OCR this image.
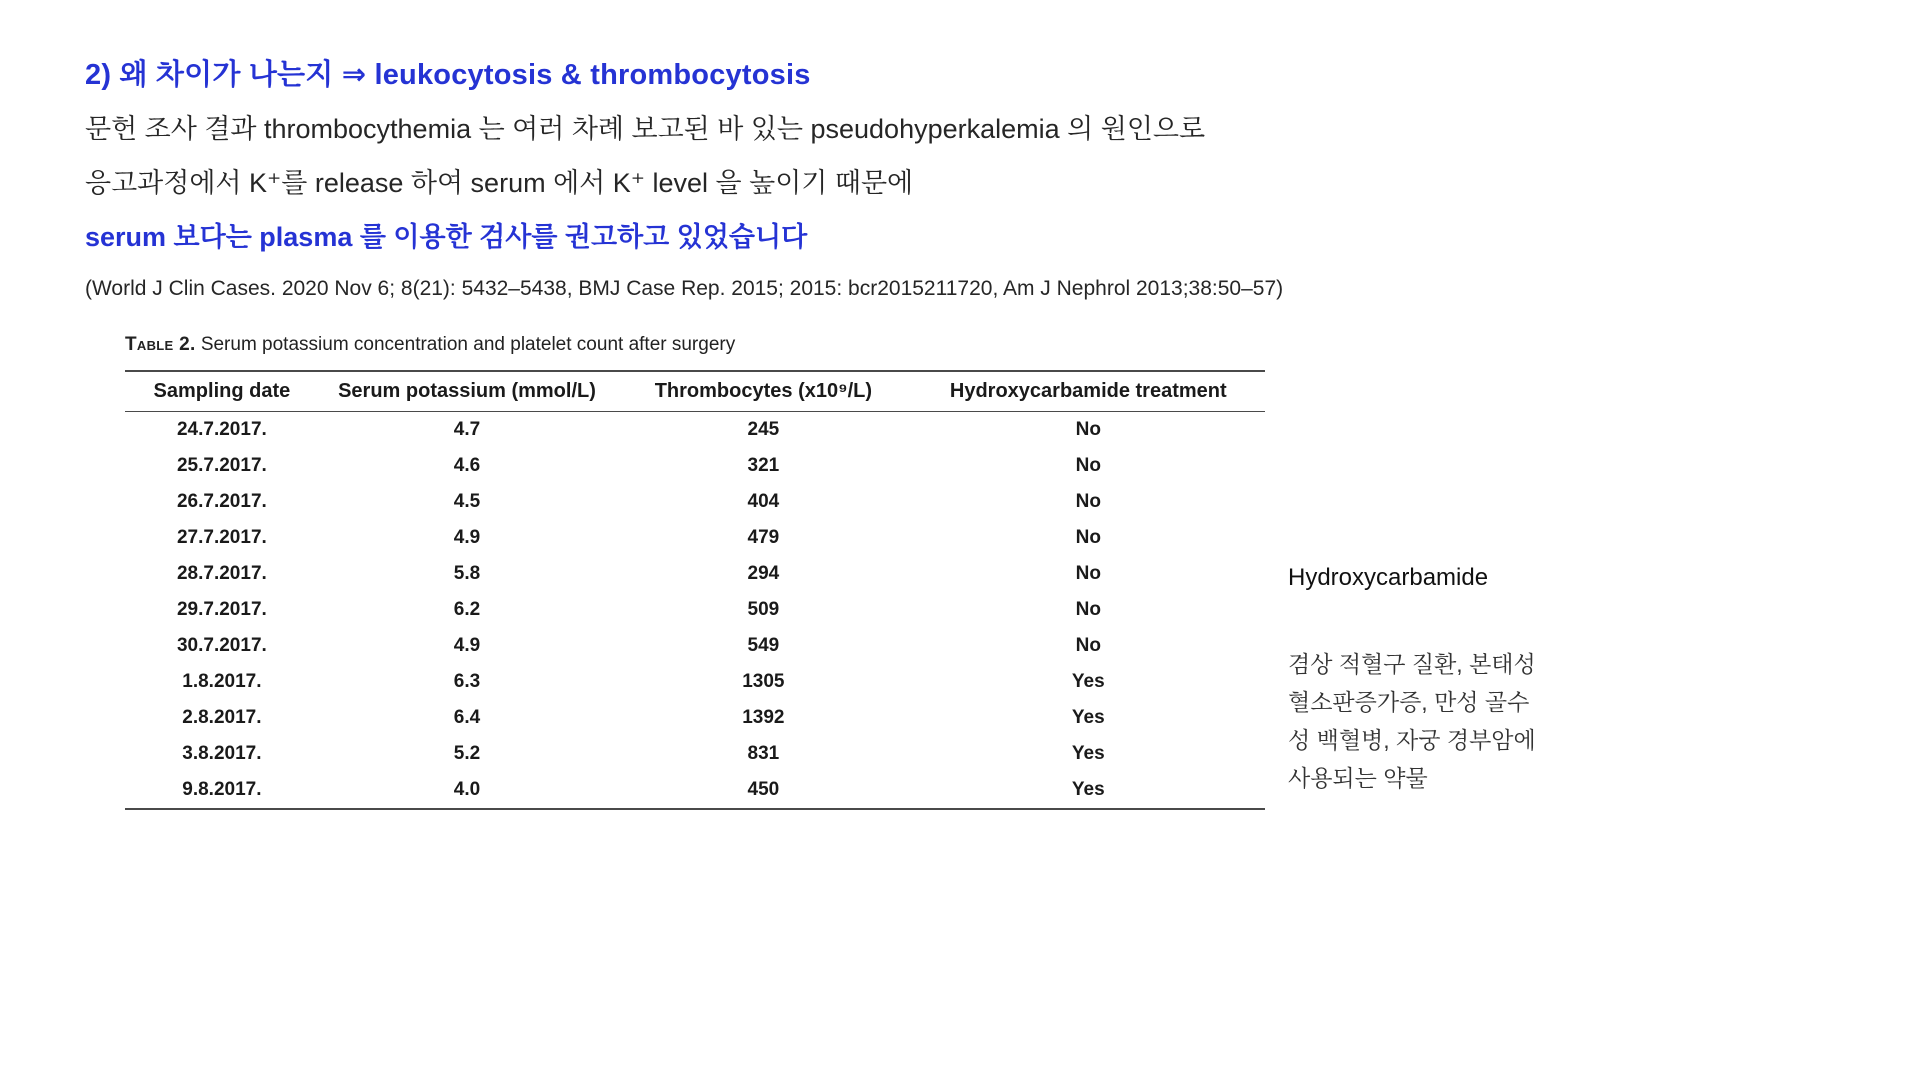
2) 왜 차이가 나는지 ⇒ leukocytosis & thrombocytosis
문헌 조사 결과 thrombocythemia 는 여러 차례 보고된 바 있는 pseudohyperkalemia 의 원인으로
응고과정에서 K⁺를 release 하여 serum 에서 K⁺ level 을 높이기 때문에
serum 보다는 plasma 를 이용한 검사를 권고하고 있었습니다
(World J Clin Cases. 2020 Nov 6; 8(21): 5432–5438, BMJ Case Rep. 2015; 2015: bcr2015211720, Am J Nephrol 2013;38:50–57)
Table 2. Serum potassium concentration and platelet count after surgery
Sampling date	Serum potassium (mmol/L)	Thrombocytes (x10⁹/L)	Hydroxycarbamide treatment
24.7.2017.	4.7	245	No
25.7.2017.	4.6	321	No
26.7.2017.	4.5	404	No
27.7.2017.	4.9	479	No
28.7.2017.	5.8	294	No
29.7.2017.	6.2	509	No
30.7.2017.	4.9	549	No
1.8.2017.	6.3	1305	Yes
2.8.2017.	6.4	1392	Yes
3.8.2017.	5.2	831	Yes
9.8.2017.	4.0	450	Yes
Hydroxycarbamide
겸상 적혈구 질환, 본태성혈소판증가증, 만성 골수성 백혈병, 자궁 경부암에 사용되는 약물
